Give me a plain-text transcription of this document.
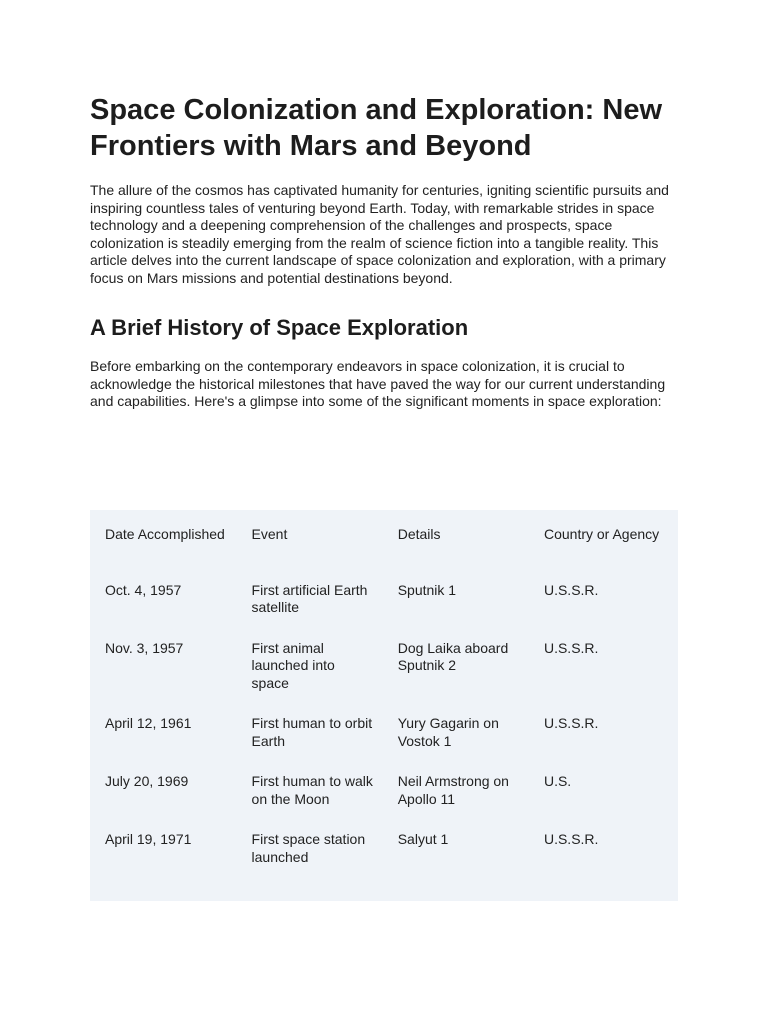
Space Colonization and Exploration: New Frontiers with Mars and Beyond

The allure of the cosmos has captivated humanity for centuries, igniting scientific pursuits and inspiring countless tales of venturing beyond Earth. Today, with remarkable strides in space technology and a deepening comprehension of the challenges and prospects, space colonization is steadily emerging from the realm of science fiction into a tangible reality. This article delves into the current landscape of space colonization and exploration, with a primary focus on Mars missions and potential destinations beyond.

A Brief History of Space Exploration

Before embarking on the contemporary endeavors in space colonization, it is crucial to acknowledge the historical milestones that have paved the way for our current understanding and capabilities. Here's a glimpse into some of the significant moments in space exploration:

Date Accomplished	Event	Details	Country or Agency

Oct. 4, 1957	First artificial Earth satellite	Sputnik 1	U.S.S.R.

Nov. 3, 1957	First animal launched into space	Dog Laika aboard Sputnik 2	U.S.S.R.

April 12, 1961	First human to orbit Earth	Yury Gagarin on Vostok 1	U.S.S.R.

July 20, 1969	First human to walk on the Moon	Neil Armstrong on Apollo 11	U.S.

April 19, 1971	First space station launched	Salyut 1	U.S.S.R.
